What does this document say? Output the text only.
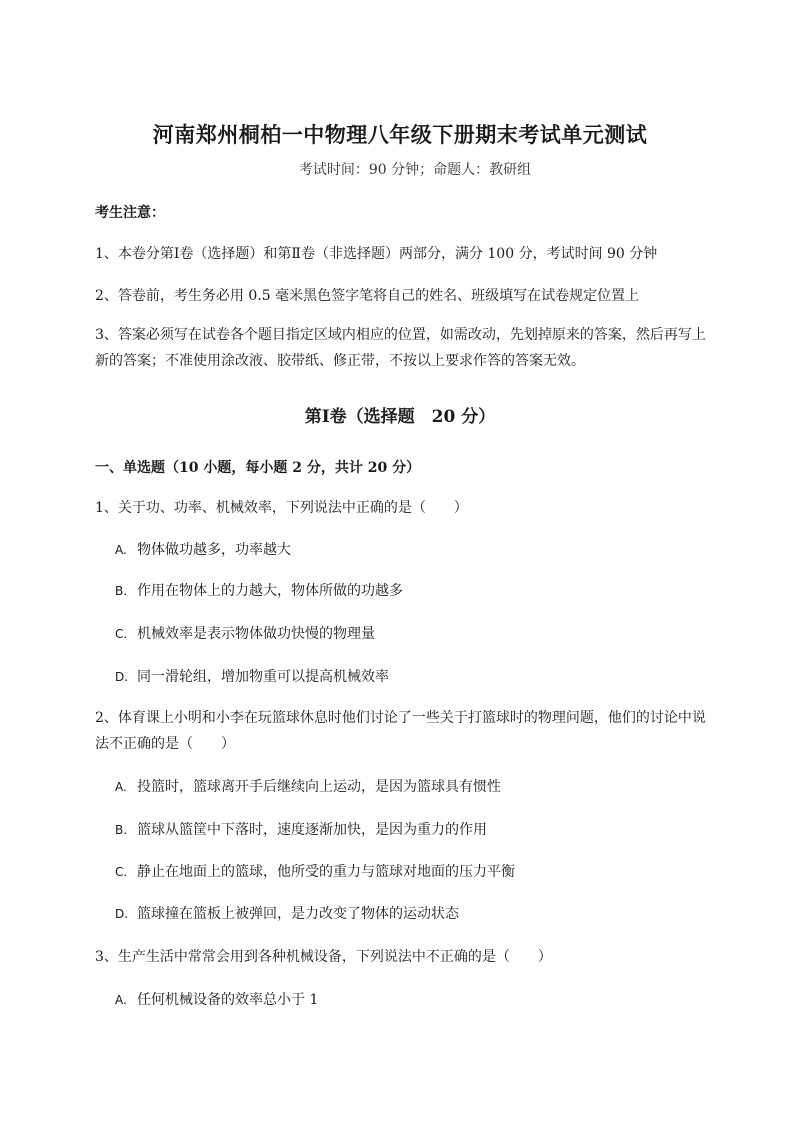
河南郑州桐柏一中物理八年级下册期末考试单元测试
考试时间：90 分钟；命题人：教研组
考生注意：
1、本卷分第Ⅰ卷（选择题）和第Ⅱ卷（非选择题）两部分，满分 100 分，考试时间 90 分钟
2、答卷前，考生务必用 0.5 毫米黑色签字笔将自己的姓名、班级填写在试卷规定位置上
3、答案必须写在试卷各个题目指定区域内相应的位置，如需改动，先划掉原来的答案，然后再写上新的答案；不准使用涂改液、胶带纸、修正带，不按以上要求作答的答案无效。
第Ⅰ卷（选择题　20 分）
一、单选题（10 小题，每小题 2 分，共计 20 分）
1、关于功、功率、机械效率，下列说法中正确的是（　　）
A. 物体做功越多，功率越大
B. 作用在物体上的力越大，物体所做的功越多
C. 机械效率是表示物体做功快慢的物理量
D. 同一滑轮组，增加物重可以提高机械效率
2、体育课上小明和小李在玩篮球休息时他们讨论了一些关于打篮球时的物理问题，他们的讨论中说法不正确的是（　　）
A. 投篮时，篮球离开手后继续向上运动，是因为篮球具有惯性
B. 篮球从篮筐中下落时，速度逐渐加快，是因为重力的作用
C. 静止在地面上的篮球，他所受的重力与篮球对地面的压力平衡
D. 篮球撞在篮板上被弹回，是力改变了物体的运动状态
3、生产生活中常常会用到各种机械设备，下列说法中不正确的是（　　）
A. 任何机械设备的效率总小于 1
